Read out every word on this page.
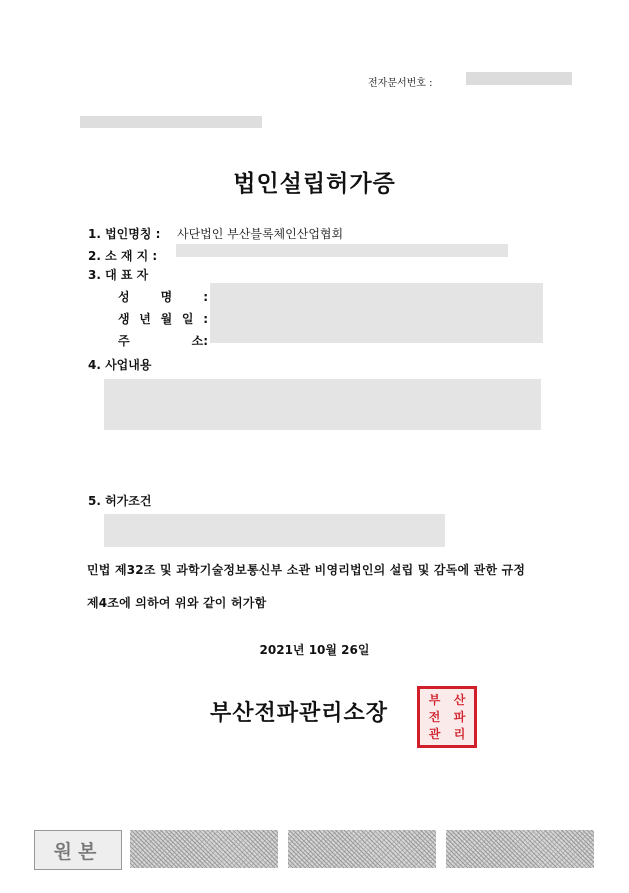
전자문서번호 :
법인설립허가증
1. 법인명칭 : 사단법인 부산블록체인산업협회
2. 소 재 지 :
3. 대 표 자
성 명 :
생 년 월 일 :
주 소:
4. 사업내용
5. 허가조건
민법 제32조 및 과학기술정보통신부 소관 비영리법인의 설립 및 감독에 관한 규정
제4조에 의하여 위와 같이 허가함
2021년 10월 26일
부산전파관리소장
부 산
전 파
관 리
원본
